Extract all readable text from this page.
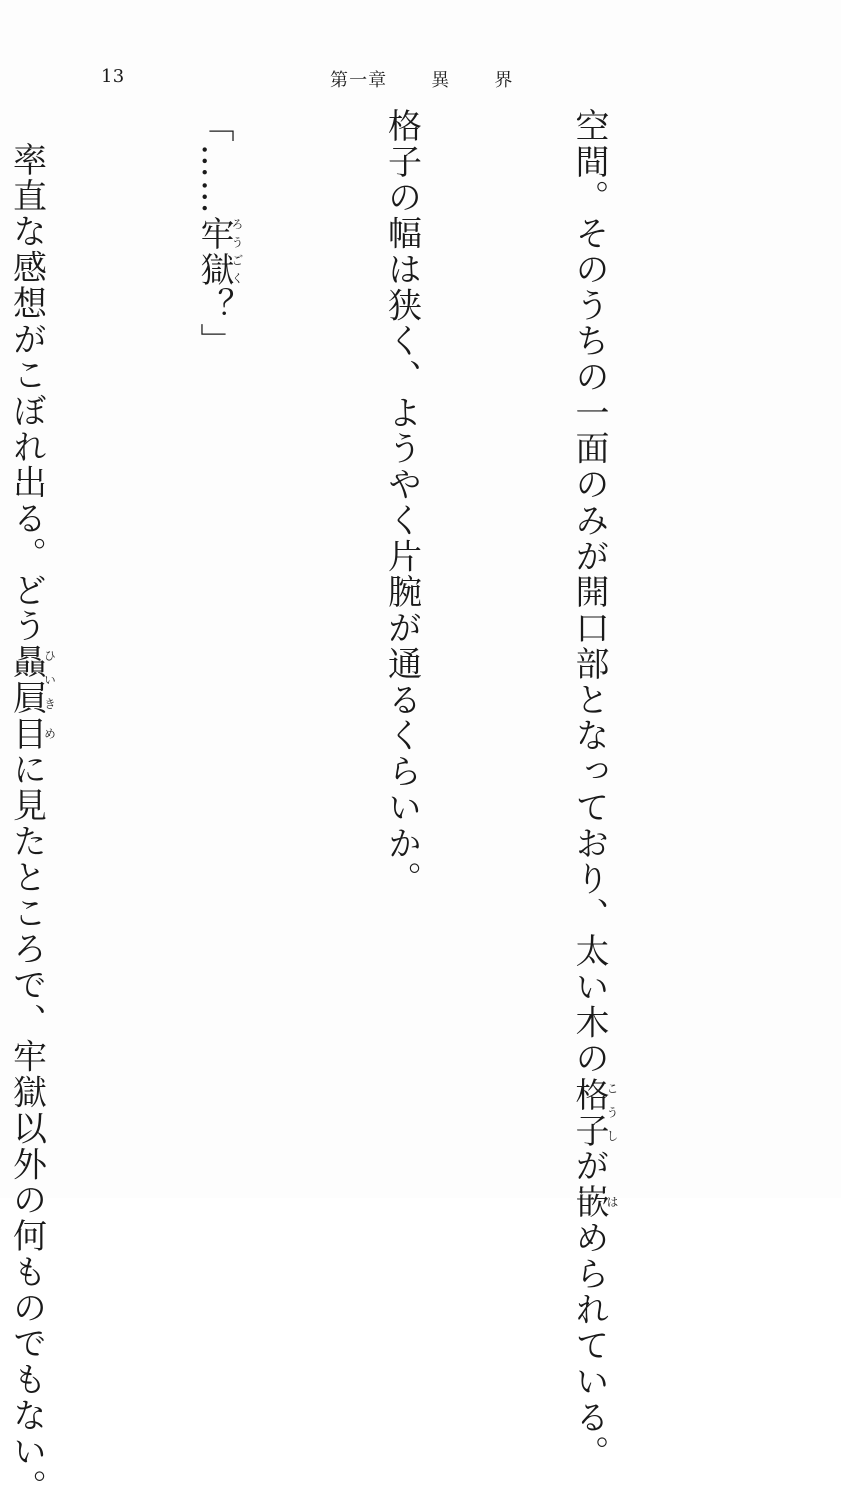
13	第一章 異 界

空間。そのうちの一面のみが開口部となっており、太い木の格子こうしが嵌はめられている。

格子の幅は狭く、ようやく片腕が通るくらいか。

「……牢獄ろうごく？」

率直な感想がこぼれ出る。どう贔屓ひいき目めに見たところで、牢獄以外の何ものでもない。
